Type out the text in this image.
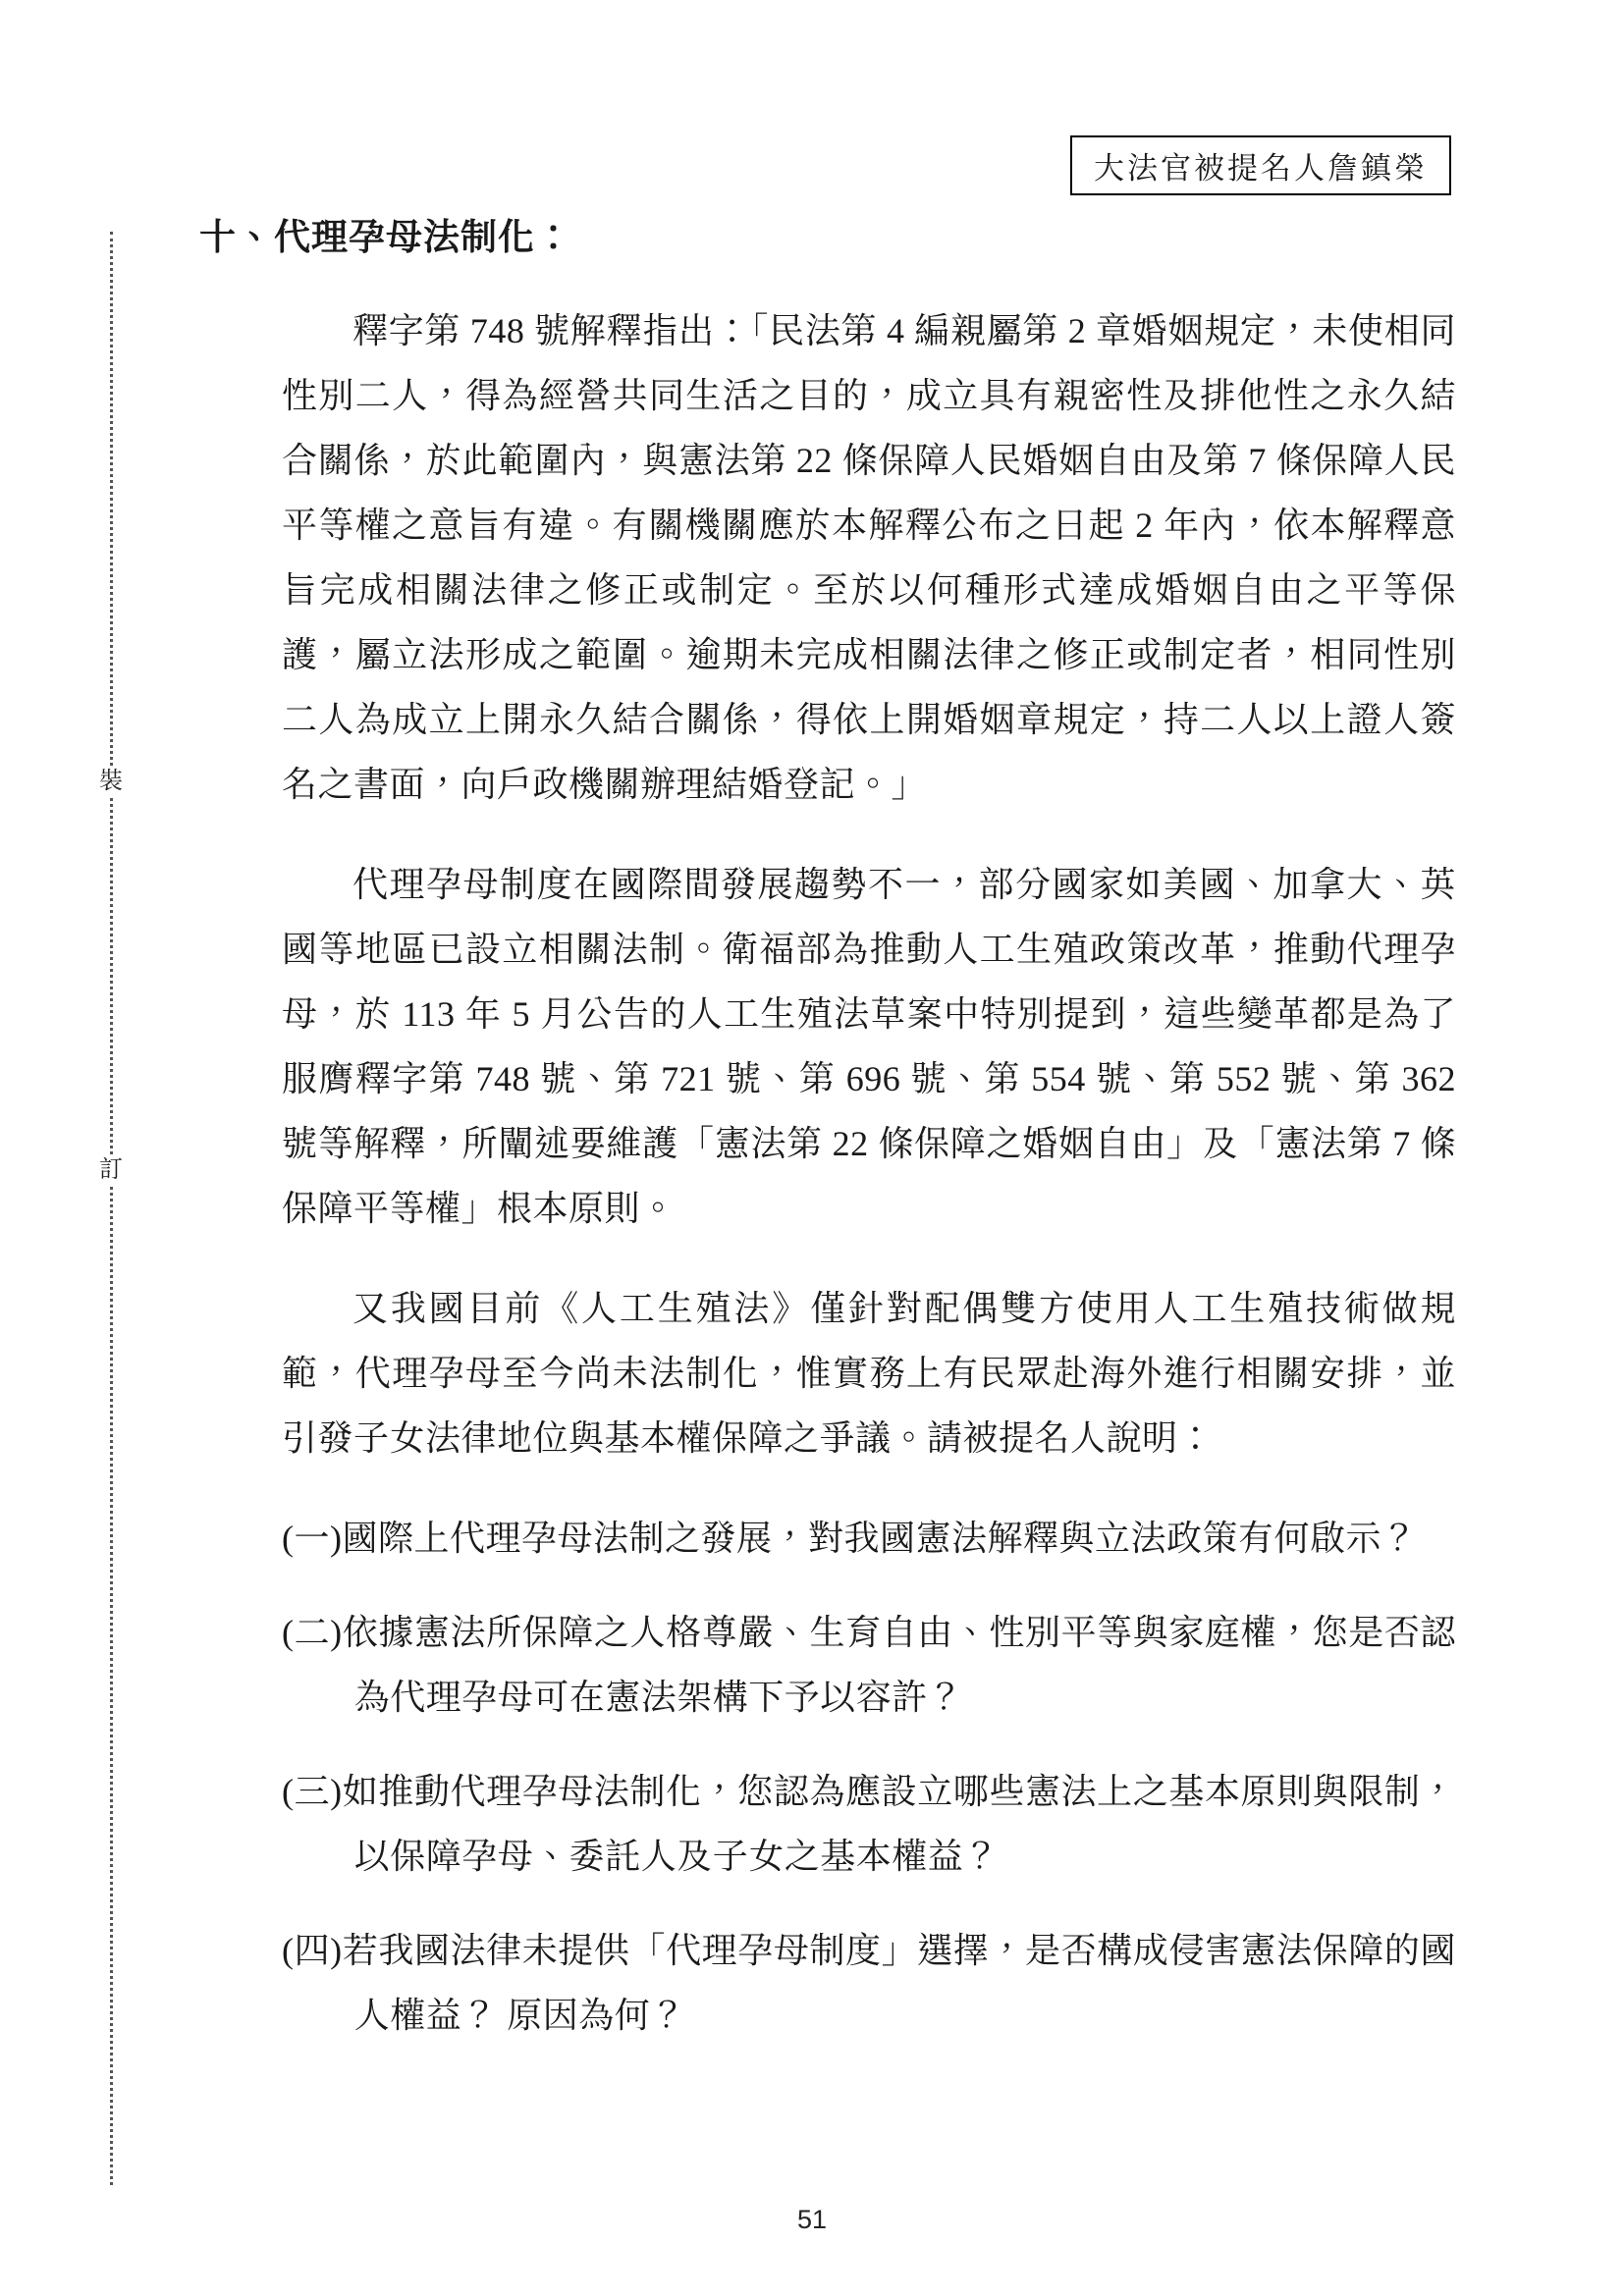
大法官被提名人詹鎮榮
裝
訂
十、代理孕母法制化：

釋字第 748 號解釋指出：「民法第 4 編親屬第 2 章婚姻規定，未使相同性別二人，得為經營共同生活之目的，成立具有親密性及排他性之永久結合關係，於此範圍內，與憲法第 22 條保障人民婚姻自由及第 7 條保障人民平等權之意旨有違。有關機關應於本解釋公布之日起 2 年內，依本解釋意旨完成相關法律之修正或制定。至於以何種形式達成婚姻自由之平等保護，屬立法形成之範圍。逾期未完成相關法律之修正或制定者，相同性別二人為成立上開永久結合關係，得依上開婚姻章規定，持二人以上證人簽名之書面，向戶政機關辦理結婚登記。」

代理孕母制度在國際間發展趨勢不一，部分國家如美國、加拿大、英國等地區已設立相關法制。衛福部為推動人工生殖政策改革，推動代理孕母，於 113 年 5 月公告的人工生殖法草案中特別提到，這些變革都是為了服膺釋字第 748 號、第 721 號、第 696 號、第 554 號、第 552 號、第 362 號等解釋，所闡述要維護「憲法第 22 條保障之婚姻自由」及「憲法第 7 條保障平等權」根本原則。

又我國目前《人工生殖法》僅針對配偶雙方使用人工生殖技術做規範，代理孕母至今尚未法制化，惟實務上有民眾赴海外進行相關安排，並引發子女法律地位與基本權保障之爭議。請被提名人說明：

(一)國際上代理孕母法制之發展，對我國憲法解釋與立法政策有何啟示？

(二)依據憲法所保障之人格尊嚴、生育自由、性別平等與家庭權，您是否認為代理孕母可在憲法架構下予以容許？

(三)如推動代理孕母法制化，您認為應設立哪些憲法上之基本原則與限制，以保障孕母、委託人及子女之基本權益？

(四)若我國法律未提供「代理孕母制度」選擇，是否構成侵害憲法保障的國人權益？ 原因為何？

51
